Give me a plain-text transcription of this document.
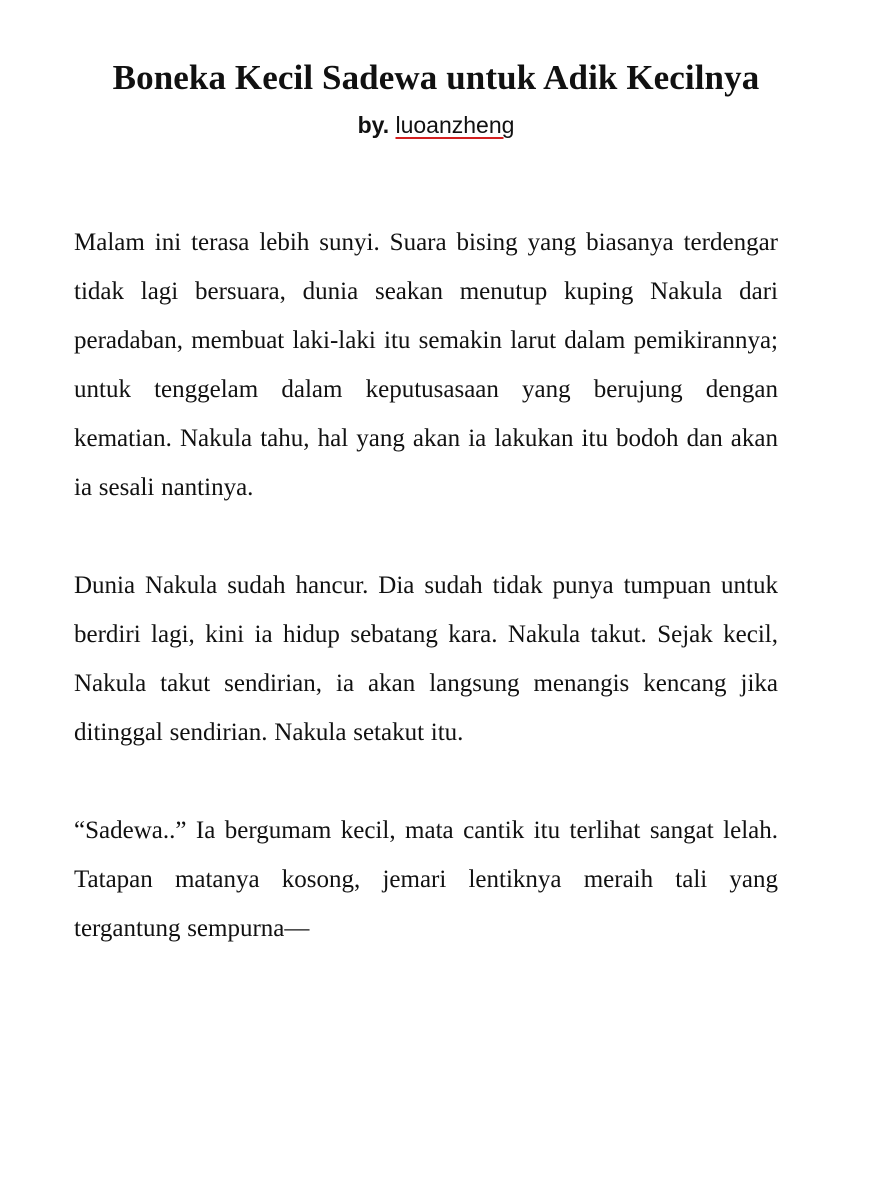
Boneka Kecil Sadewa untuk Adik Kecilnya
by. luoanzheng

Malam ini terasa lebih sunyi. Suara bising yang biasanya terdengar tidak lagi bersuara, dunia seakan menutup kuping Nakula dari peradaban, membuat laki-laki itu semakin larut dalam pemikirannya; untuk tenggelam dalam keputusasaan yang berujung dengan kematian. Nakula tahu, hal yang akan ia lakukan itu bodoh dan akan ia sesali nantinya.

Dunia Nakula sudah hancur. Dia sudah tidak punya tumpuan untuk berdiri lagi, kini ia hidup sebatang kara. Nakula takut. Sejak kecil, Nakula takut sendirian, ia akan langsung menangis kencang jika ditinggal sendirian. Nakula setakut itu.

“Sadewa..” Ia bergumam kecil, mata cantik itu terlihat sangat lelah. Tatapan matanya kosong, jemari lentiknya meraih tali yang tergantung sempurna—
